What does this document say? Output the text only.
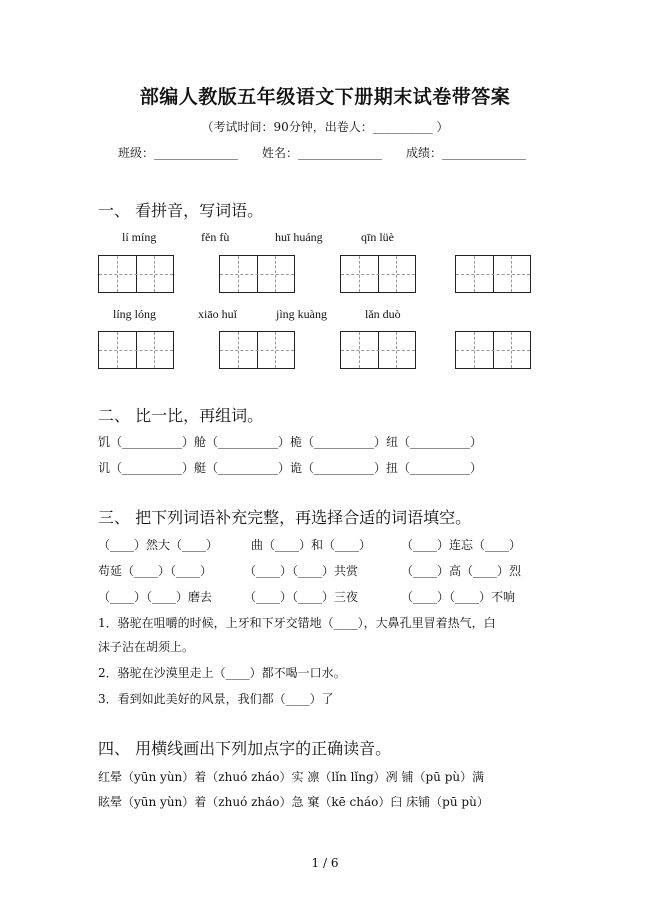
部编人教版五年级语文下册期末试卷带答案
（考试时间：90分钟，出卷人：__________ ）
班级：______________ 姓名：______________ 成绩：______________
一、 看拼音，写词语。
lí míng	fěn fù	huī huáng	qīn lüè
líng lóng	xiāo huǐ	jìng kuàng	lǎn duò
二、 比一比，再组词。
饥（__________）舱（__________）桅（__________）纽（__________）
讥（__________）艇（__________）诡（__________）扭（__________）
三、 把下列词语补充完整，再选择合适的词语填空。
（____）然大（____）	曲（____）和（____） （____）连忘（____）
苟延（____）（____）	（____）（____）共赏	（____）高（____）烈
（____）（____）磨去	（____）（____）三夜	（____）（____）不响
1．骆驼在咀嚼的时候，上牙和下牙交错地（____），大鼻孔里冒着热气，白
沫子沾在胡须上。
2．骆驼在沙漠里走上（____）都不喝一口水。
3．看到如此美好的风景，我们都（____）了
四、 用横线画出下列加点字的正确读音。
红晕（yūn yùn）着（zhuó zháo）实 凛（lǐn lǐng）冽 铺（pū pù）满
眩晕（yūn yùn）着（zhuó zháo）急 窠（kē cháo）臼 床铺（pū pù）
1 / 6
